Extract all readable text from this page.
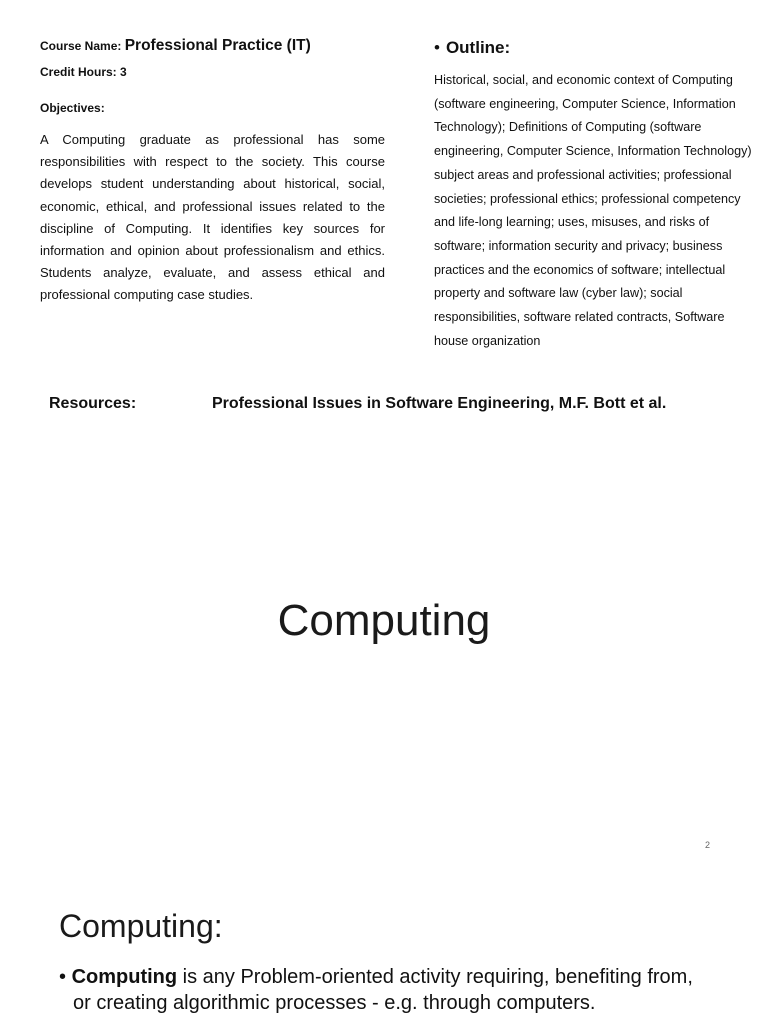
Course Name: Professional Practice (IT)
Credit Hours: 3
Objectives:
A Computing graduate as professional has some responsibilities with respect to the society. This course develops student understanding about historical, social, economic, ethical, and professional issues related to the discipline of Computing. It identifies key sources for information and opinion about professionalism and ethics. Students analyze, evaluate, and assess ethical and professional computing case studies.
• Outline:
Historical, social, and economic context of Computing (software engineering, Computer Science, Information Technology); Definitions of Computing (software engineering, Computer Science, Information Technology) subject areas and professional activities; professional societies; professional ethics; professional competency and life-long learning; uses, misuses, and risks of software; information security and privacy; business practices and the economics of software; intellectual property and software law (cyber law); social responsibilities, software related contracts, Software house organization
Resources:	Professional Issues in Software Engineering, M.F. Bott et al.
Computing
2
Computing:
• Computing is any Problem-oriented activity requiring, benefiting from, or creating algorithmic processes - e.g. through computers.
